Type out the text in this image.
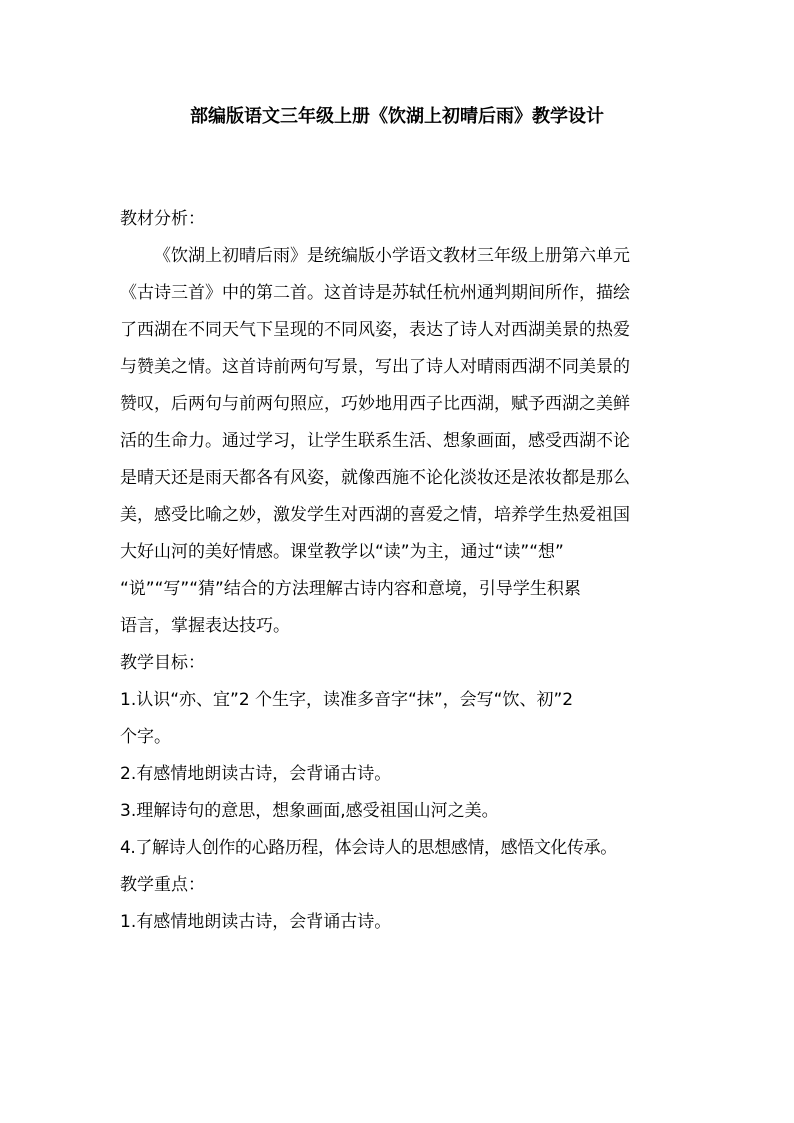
部编版语文三年级上册《饮湖上初晴后雨》教学设计
教材分析：
《饮湖上初晴后雨》是统编版小学语文教材三年级上册第六单元
《古诗三首》中的第二首。这首诗是苏轼任杭州通判期间所作，描绘
了西湖在不同天气下呈现的不同风姿，表达了诗人对西湖美景的热爱
与赞美之情。这首诗前两句写景，写出了诗人对晴雨西湖不同美景的
赞叹，后两句与前两句照应，巧妙地用西子比西湖，赋予西湖之美鲜
活的生命力。通过学习，让学生联系生活、想象画面，感受西湖不论
是晴天还是雨天都各有风姿，就像西施不论化淡妆还是浓妆都是那么
美，感受比喻之妙，激发学生对西湖的喜爱之情，培养学生热爱祖国
大好山河的美好情感。课堂教学以“读”为主，通过“读”“想”
“说”“写”“猜”结合的方法理解古诗内容和意境，引导学生积累
语言，掌握表达技巧。
教学目标：
1.认识“亦、宜”2 个生字，读准多音字“抹”，会写“饮、初”2
个字。
2.有感情地朗读古诗，会背诵古诗。
3.理解诗句的意思，想象画面,感受祖国山河之美。
4.了解诗人创作的心路历程，体会诗人的思想感情，感悟文化传承。
教学重点：
1.有感情地朗读古诗，会背诵古诗。
